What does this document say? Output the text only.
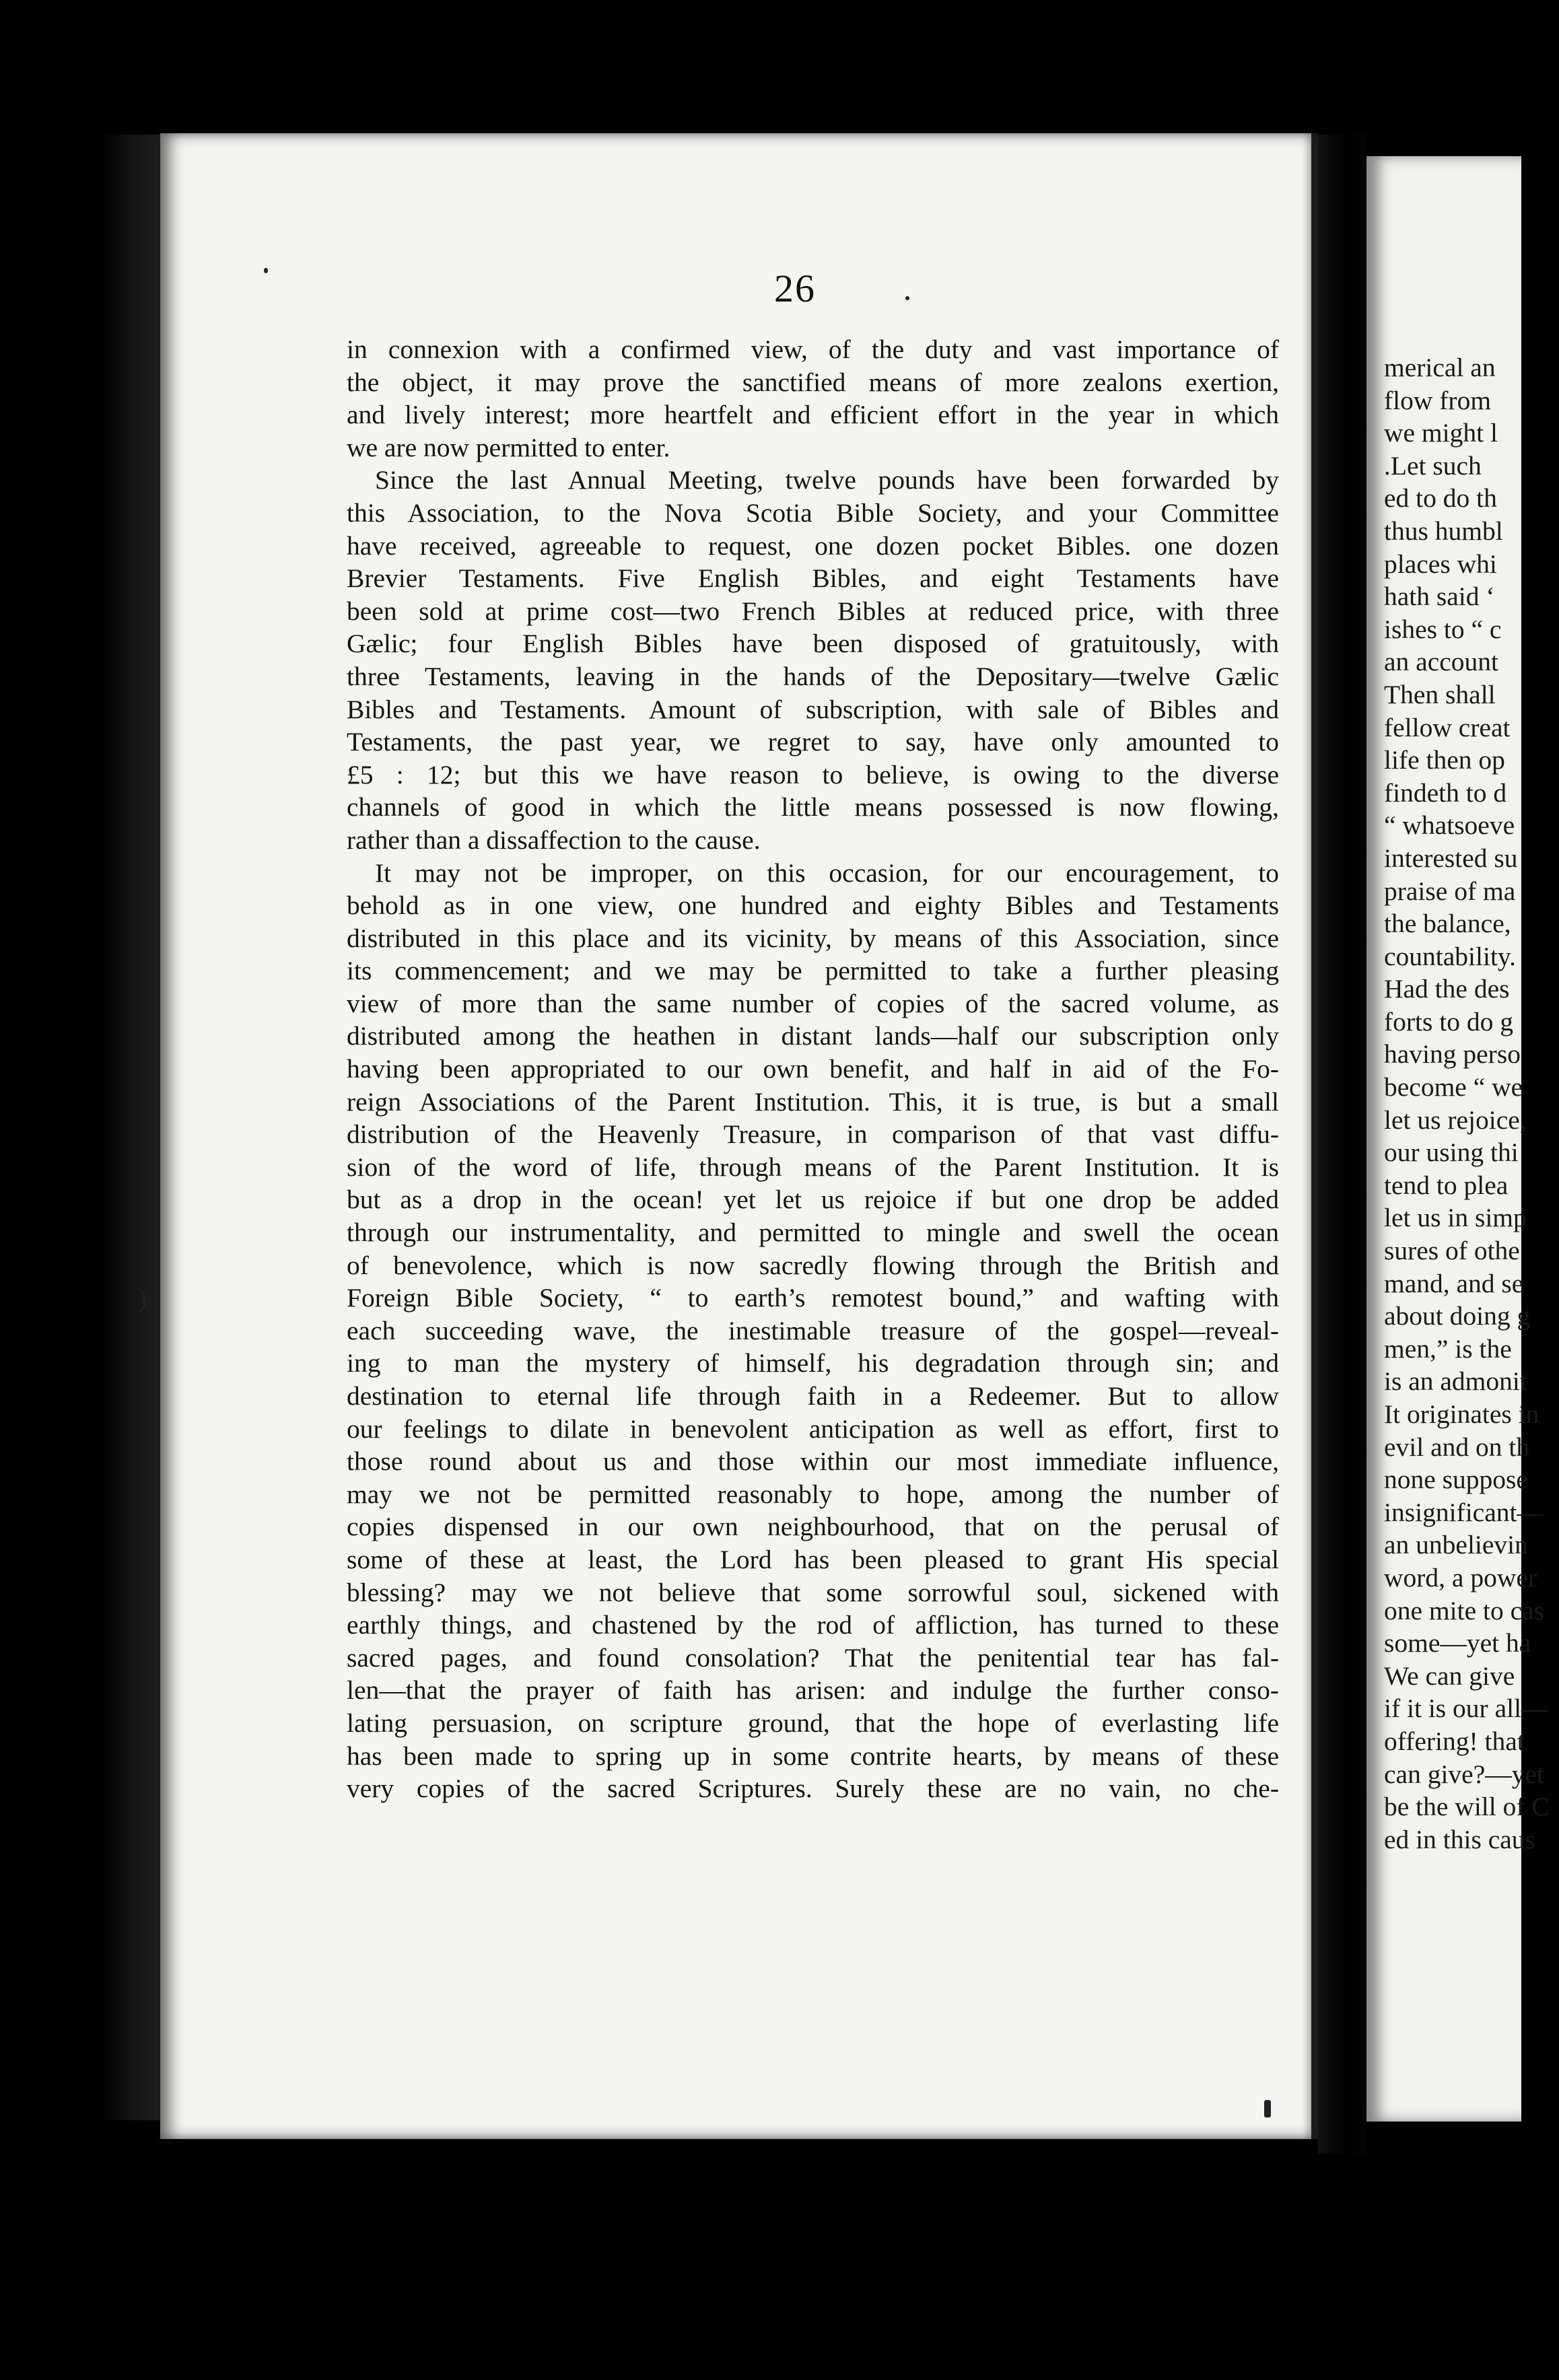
merical an
flow from
we might l
.Let such
ed to do th
thus humbl
places whi
hath said ‘
ishes to “ c
an account
Then shall
fellow creat
life then op
findeth to d
“ whatsoeve
interested su
praise of ma
the balance,
countability.
Had the des
forts to do g
having perso
become “ we
let us rejoice,
our using thi
tend to plea
let us in simp
sures of othe
mand, and se
about doing g
men,” is the
is an admonit
It originates in
evil and on th
none suppose
insignificant—
an unbelievin
word, a power
one mite to cas
some—yet ha
We can give
if it is our all—
offering! that
can give?—yet
be the will of C
ed in this caus
26
in connexion with a confirmed view, of the duty and vast importance of
the object, it may prove the sanctified means of more zealons exertion,
and lively interest; more heartfelt and efficient effort in the year in which
we are now permitted to enter.
Since the last Annual Meeting, twelve pounds have been forwarded by
this Association, to the Nova Scotia Bible Society, and your Committee
have received, agreeable to request, one dozen pocket Bibles. one dozen
Brevier Testaments. Five English Bibles, and eight Testaments have
been sold at prime cost—two French Bibles at reduced price, with three
Gælic; four English Bibles have been disposed of gratuitously, with
three Testaments, leaving in the hands of the Depositary—twelve Gælic
Bibles and Testaments. Amount of subscription, with sale of Bibles and
Testaments, the past year, we regret to say, have only amounted to
£5 : 12; but this we have reason to believe, is owing to the diverse
channels of good in which the little means possessed is now flowing,
rather than a dissaffection to the cause.
It may not be improper, on this occasion, for our encouragement, to
behold as in one view, one hundred and eighty Bibles and Testaments
distributed in this place and its vicinity, by means of this Association, since
its commencement; and we may be permitted to take a further pleasing
view of more than the same number of copies of the sacred volume, as
distributed among the heathen in distant lands—half our subscription only
having been appropriated to our own benefit, and half in aid of the Fo-
reign Associations of the Parent Institution. This, it is true, is but a small
distribution of the Heavenly Treasure, in comparison of that vast diffu-
sion of the word of life, through means of the Parent Institution. It is
but as a drop in the ocean! yet let us rejoice if but one drop be added
through our instrumentality, and permitted to mingle and swell the ocean
of benevolence, which is now sacredly flowing through the British and
Foreign Bible Society, “ to earth’s remotest bound,” and wafting with
each succeeding wave, the inestimable treasure of the gospel—reveal-
ing to man the mystery of himself, his degradation through sin; and
destination to eternal life through faith in a Redeemer. But to allow
our feelings to dilate in benevolent anticipation as well as effort, first to
those round about us and those within our most immediate influence,
may we not be permitted reasonably to hope, among the number of
copies dispensed in our own neighbourhood, that on the perusal of
some of these at least, the Lord has been pleased to grant His special
blessing? may we not believe that some sorrowful soul, sickened with
earthly things, and chastened by the rod of affliction, has turned to these
sacred pages, and found consolation? That the penitential tear has fal-
len—that the prayer of faith has arisen: and indulge the further conso-
lating persuasion, on scripture ground, that the hope of everlasting life
has been made to spring up in some contrite hearts, by means of these
very copies of the sacred Scriptures. Surely these are no vain, no che-
)
